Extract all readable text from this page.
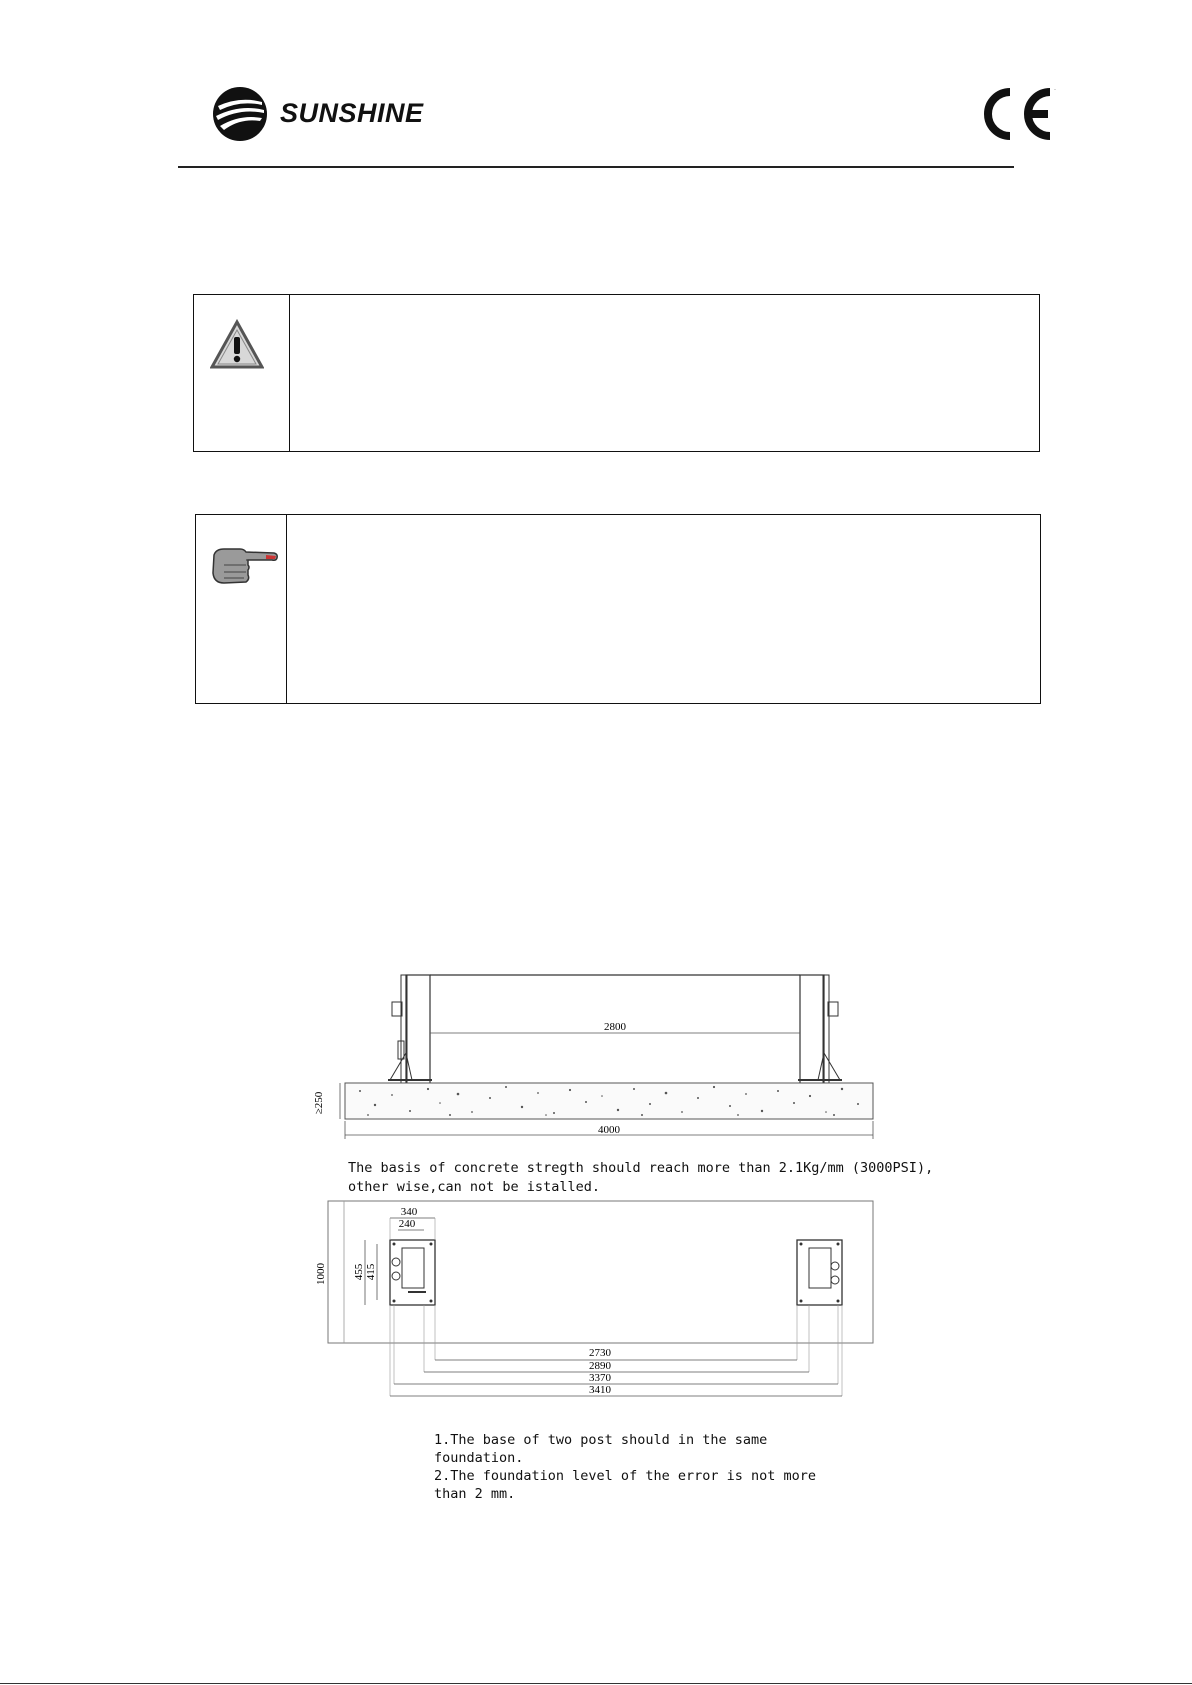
SUNSHINE
·
2800
≥250
4000
The basis of concrete stregth should reach more than 2.1Kg/mm (3000PSI),
other wise,can not be istalled.
1000
340
240
455 415
2730
2890
3370
3410
1.The base of two post should in the same
foundation.
2.The foundation level of the error is not more
than 2 mm.
